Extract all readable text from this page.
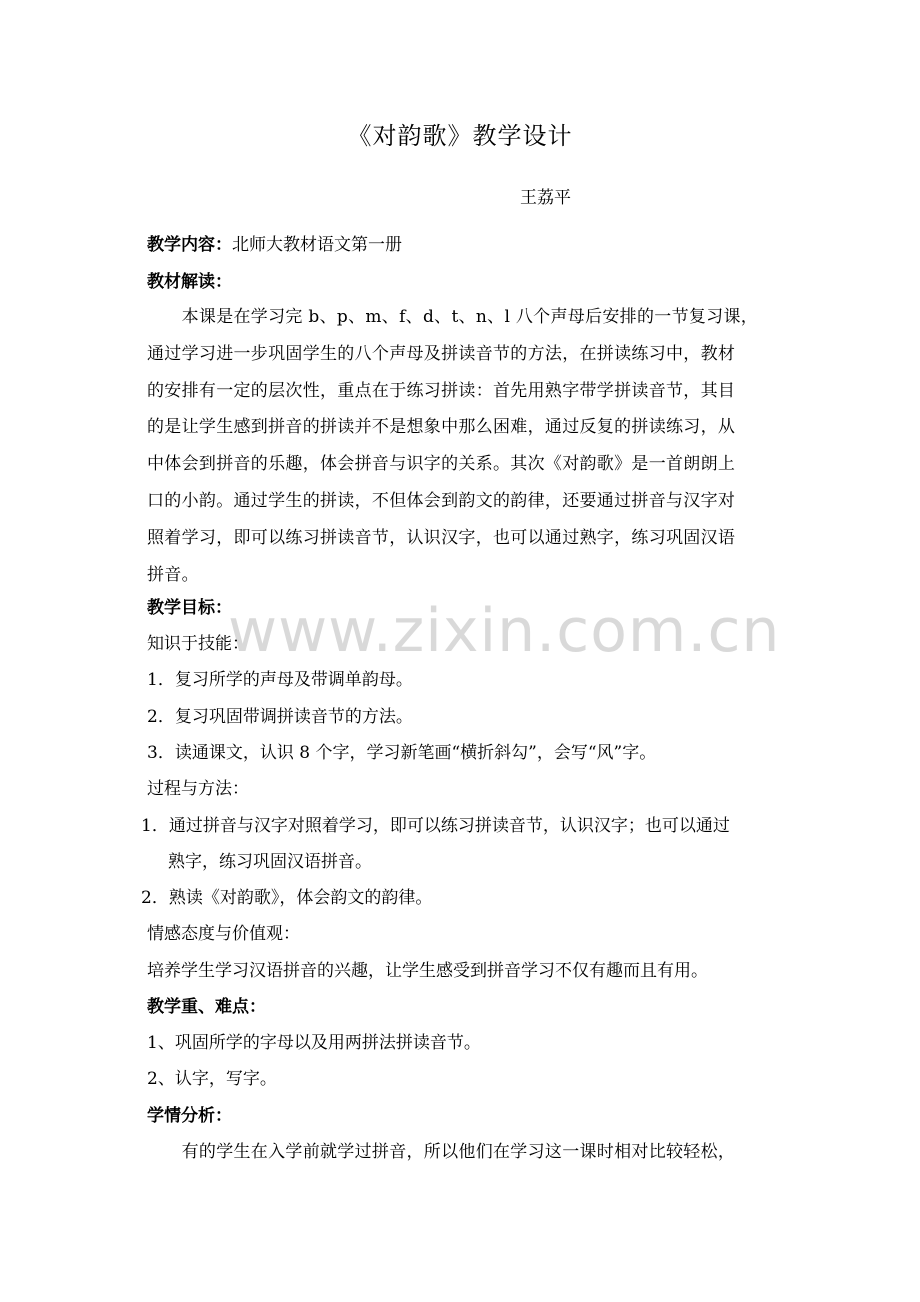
www.zixin.com.cn
《对韵歌》教学设计
王荔平
教学内容：北师大教材语文第一册
教材解读：
　　本课是在学习完 b、p、m、f、d、t、n、l 八个声母后安排的一节复习课，
通过学习进一步巩固学生的八个声母及拼读音节的方法，在拼读练习中，教材
的安排有一定的层次性，重点在于练习拼读：首先用熟字带学拼读音节，其目
的是让学生感到拼音的拼读并不是想象中那么困难，通过反复的拼读练习，从
中体会到拼音的乐趣，体会拼音与识字的关系。其次《对韵歌》是一首朗朗上
口的小韵。通过学生的拼读，不但体会到韵文的韵律，还要通过拼音与汉字对
照着学习，即可以练习拼读音节，认识汉字，也可以通过熟字，练习巩固汉语
拼音。
教学目标：
知识于技能：
1．复习所学的声母及带调单韵母。
2．复习巩固带调拼读音节的方法。
3．读通课文，认识 8 个字，学习新笔画“横折斜勾”，会写“风”字。
过程与方法：
1．通过拼音与汉字对照着学习，即可以练习拼读音节，认识汉字；也可以通过
熟字，练习巩固汉语拼音。
2．熟读《对韵歌》，体会韵文的韵律。
情感态度与价值观：
培养学生学习汉语拼音的兴趣，让学生感受到拼音学习不仅有趣而且有用。
教学重、难点：
1、巩固所学的字母以及用两拼法拼读音节。
2、认字，写字。
学情分析：
　　有的学生在入学前就学过拼音，所以他们在学习这一课时相对比较轻松，
